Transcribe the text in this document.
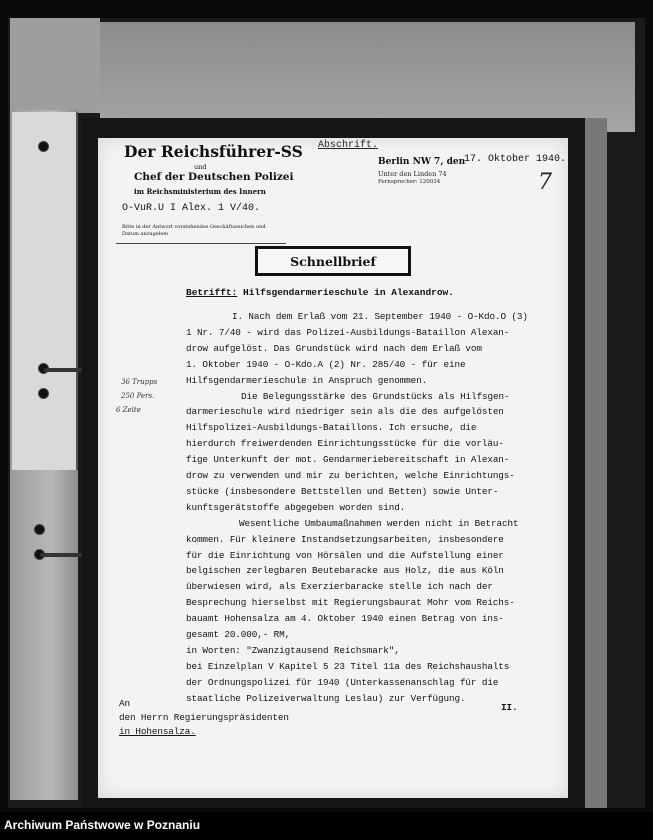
Abschrift.
Berlin NW 7, den
17. Oktober 1940.
Unter den Linden 74
Fernsprecher: 120034	7
Der Reichsführer-SS
und
Chef der Deutschen Polizei
im Reichsministerium des Innern
O-VuR.U I Alex. 1 V/40.
Bitte in der Antwort vorstehendes Geschäftszeichen und Datum anzugeben
Schnellbrief
Betrifft: Hilfsgendarmerieschule in Alexandrow.
I. Nach dem Erlaß vom 21. September 1940 - O-Kdo.O (3)
1 Nr. 7/40 - wird das Polizei-Ausbildungs-Bataillon Alexan-
drow aufgelöst. Das Grundstück wird nach dem Erlaß vom
1. Oktober 1940 - O-Kdo.A (2) Nr. 285/40 - für eine
Hilfsgendarmerieschule in Anspruch genommen.
Die Belegungsstärke des Grundstücks als Hilfsgen-
darmerieschule wird niedriger sein als die des aufgelösten
Hilfspolizei-Ausbildungs-Bataillons. Ich ersuche, die
hierdurch freiwerdenden Einrichtungsstücke für die vorläu-
fige Unterkunft der mot. Gendarmeriebereitschaft in Alexan-
drow zu verwenden und mir zu berichten, welche Einrichtungs-
stücke (insbesondere Bettstellen und Betten) sowie Unter-
kunftsgerätstoffe abgegeben worden sind.
Wesentliche Umbaumaßnahmen werden nicht in Betracht
kommen. Für kleinere Instandsetzungsarbeiten, insbesondere
für die Einrichtung von Hörsälen und die Aufstellung einer
belgischen zerlegbaren Beutebaracke aus Holz, die aus Köln
überwiesen wird, als Exerzierbaracke stelle ich nach der
Besprechung hierselbst mit Regierungsbaurat Mohr vom Reichs-
bauamt Hohensalza am 4. Oktober 1940 einen Betrag von ins-
gesamt 20.000,- RM,
in Worten: "Zwanzigtausend Reichsmark",
bei Einzelplan V Kapitel 5 23 Titel 11a des Reichshaushalts
der Ordnungspolizei für 1940 (Unterkassenanschlag für die
staatliche Polizeiverwaltung Leslau) zur Verfügung.
II.
An
den Herrn Regierungspräsidenten
in Hohensalza.
36 Trupps
250 Pers.
6 Zelte
Archiwum Państwowe w Poznaniu
